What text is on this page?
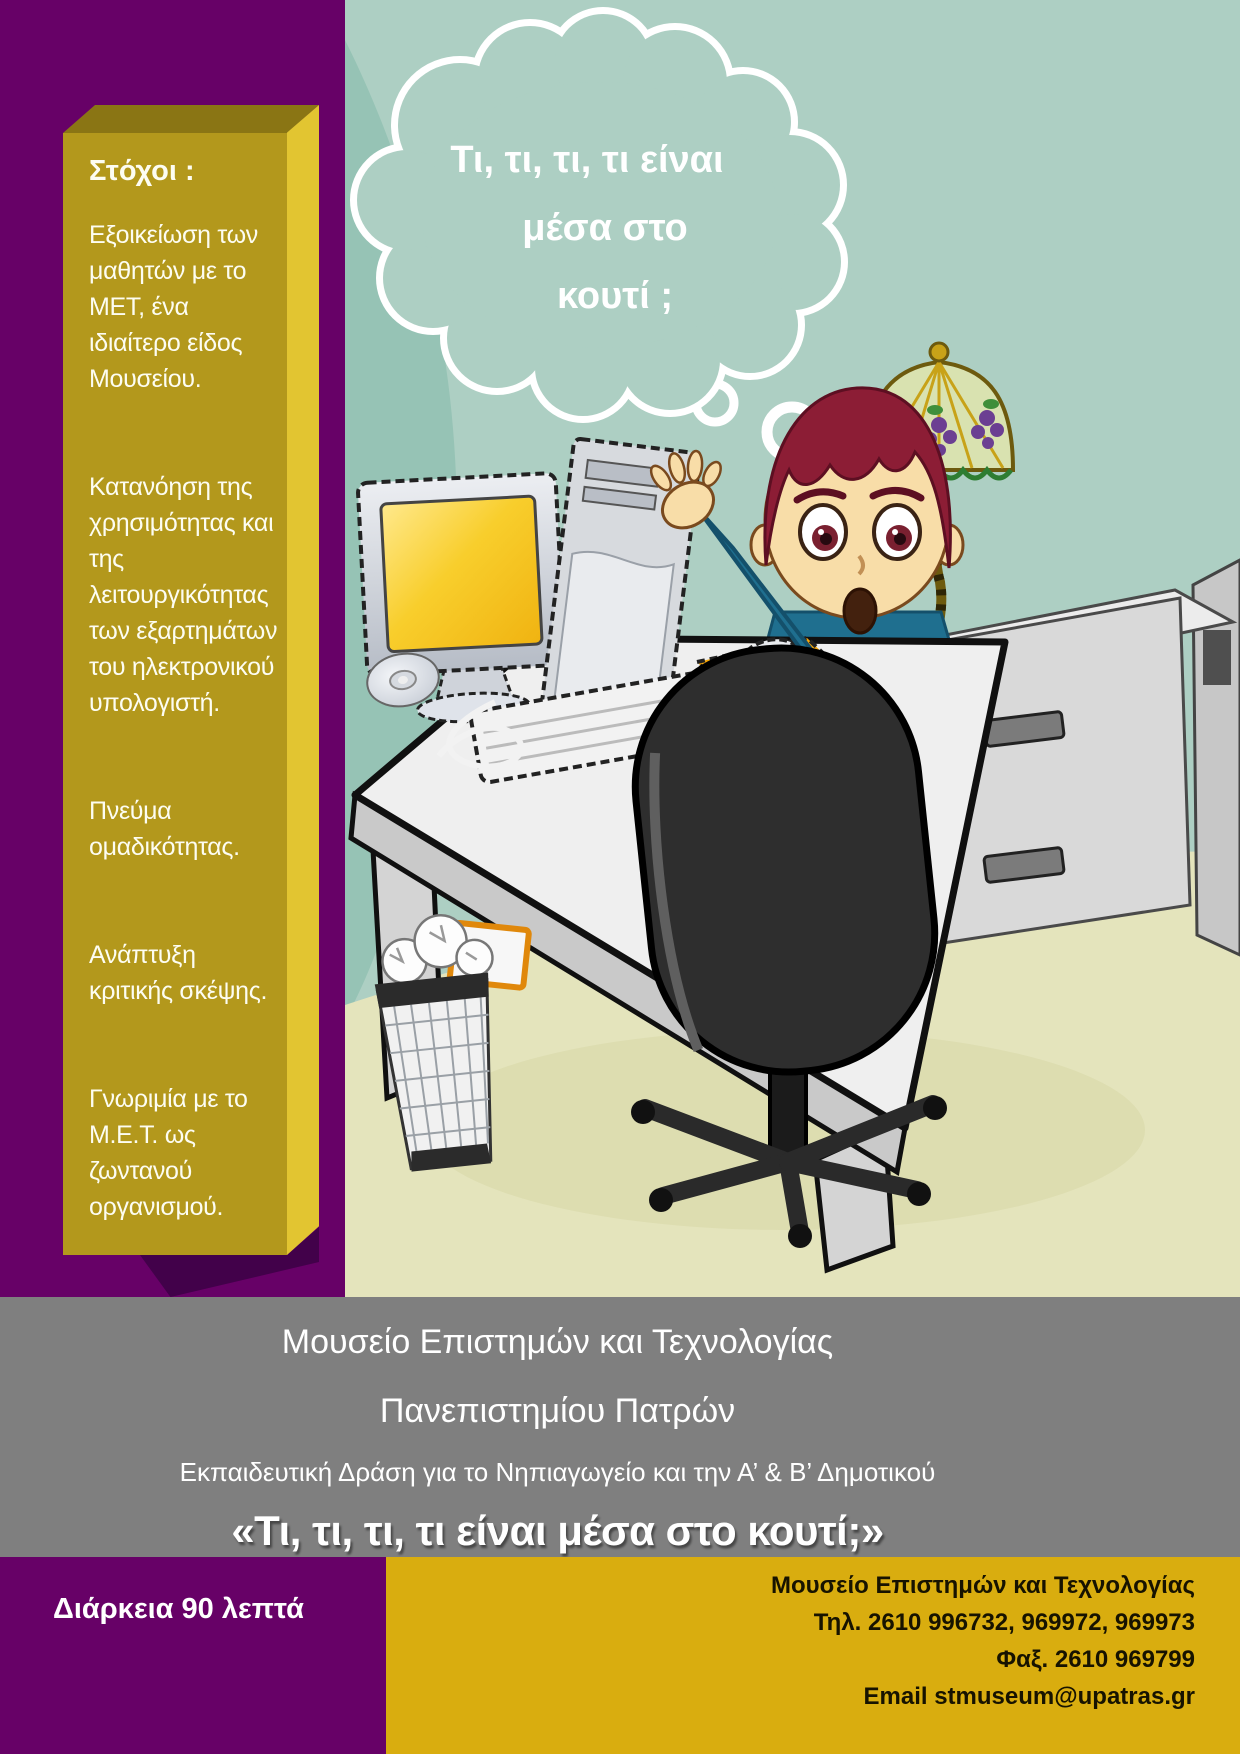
Στόχοι :

Εξοικείωση των μαθητών με το ΜΕΤ, ένα ιδιαίτερο είδος Μουσείου.

Κατανόηση της χρησιμότητας και της λειτουργικότητας των εξαρτημάτων του ηλεκτρονικού υπολογιστή.

Πνεύμα ομαδικότητας.

Ανάπτυξη κριτικής σκέψης.

Γνωριμία με το Μ.Ε.Τ. ως ζωντανού οργανισμού.

Τι, τι, τι, τι είναι
μέσα στο
κουτί ;
Μουσείο Επιστημών και Τεχνολογίας
Πανεπιστημίου Πατρών
Εκπαιδευτική Δράση για το Νηπιαγωγείο και την Α’ & Β’ Δημοτικού
«Τι, τι, τι, τι είναι μέσα στο κουτί;»
Διάρκεια 90 λεπτά
Μουσείο Επιστημών και Τεχνολογίας
Τηλ. 2610 996732, 969972, 969973
Φαξ. 2610 969799
Email stmuseum@upatras.gr
